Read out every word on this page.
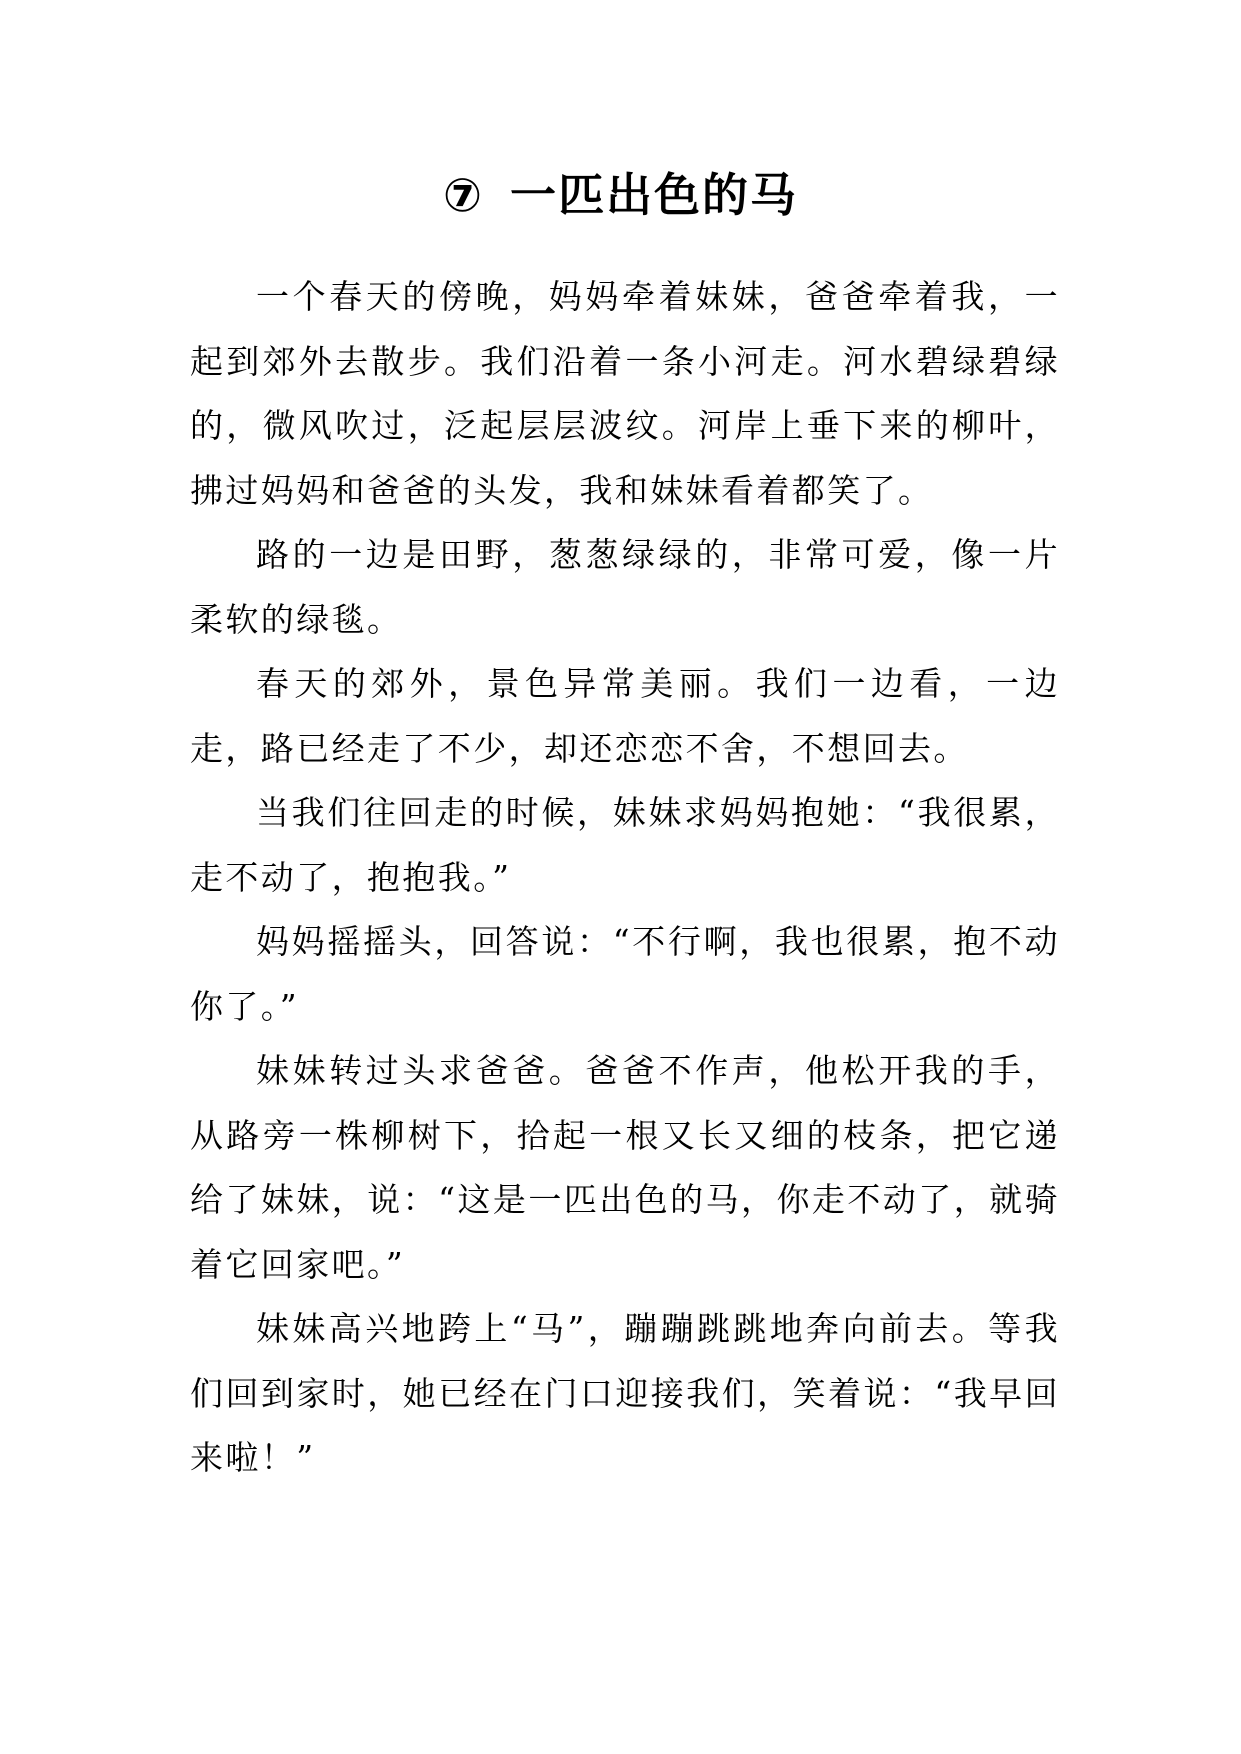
⑦ 一匹出色的马

一个春天的傍晚，妈妈牵着妹妹，爸爸牵着我，一起到郊外去散步。我们沿着一条小河走。河水碧绿碧绿的，微风吹过，泛起层层波纹。河岸上垂下来的柳叶，拂过妈妈和爸爸的头发，我和妹妹看着都笑了。

路的一边是田野，葱葱绿绿的，非常可爱，像一片柔软的绿毯。

春天的郊外，景色异常美丽。我们一边看，一边走，路已经走了不少，却还恋恋不舍，不想回去。

当我们往回走的时候，妹妹求妈妈抱她：“我很累，走不动了，抱抱我。”

妈妈摇摇头，回答说：“不行啊，我也很累，抱不动你了。”

妹妹转过头求爸爸。爸爸不作声，他松开我的手，从路旁一株柳树下，拾起一根又长又细的枝条，把它递给了妹妹，说：“这是一匹出色的马，你走不动了，就骑着它回家吧。”

妹妹高兴地跨上“马”，蹦蹦跳跳地奔向前去。等我们回到家时，她已经在门口迎接我们，笑着说：“我早回来啦！”
